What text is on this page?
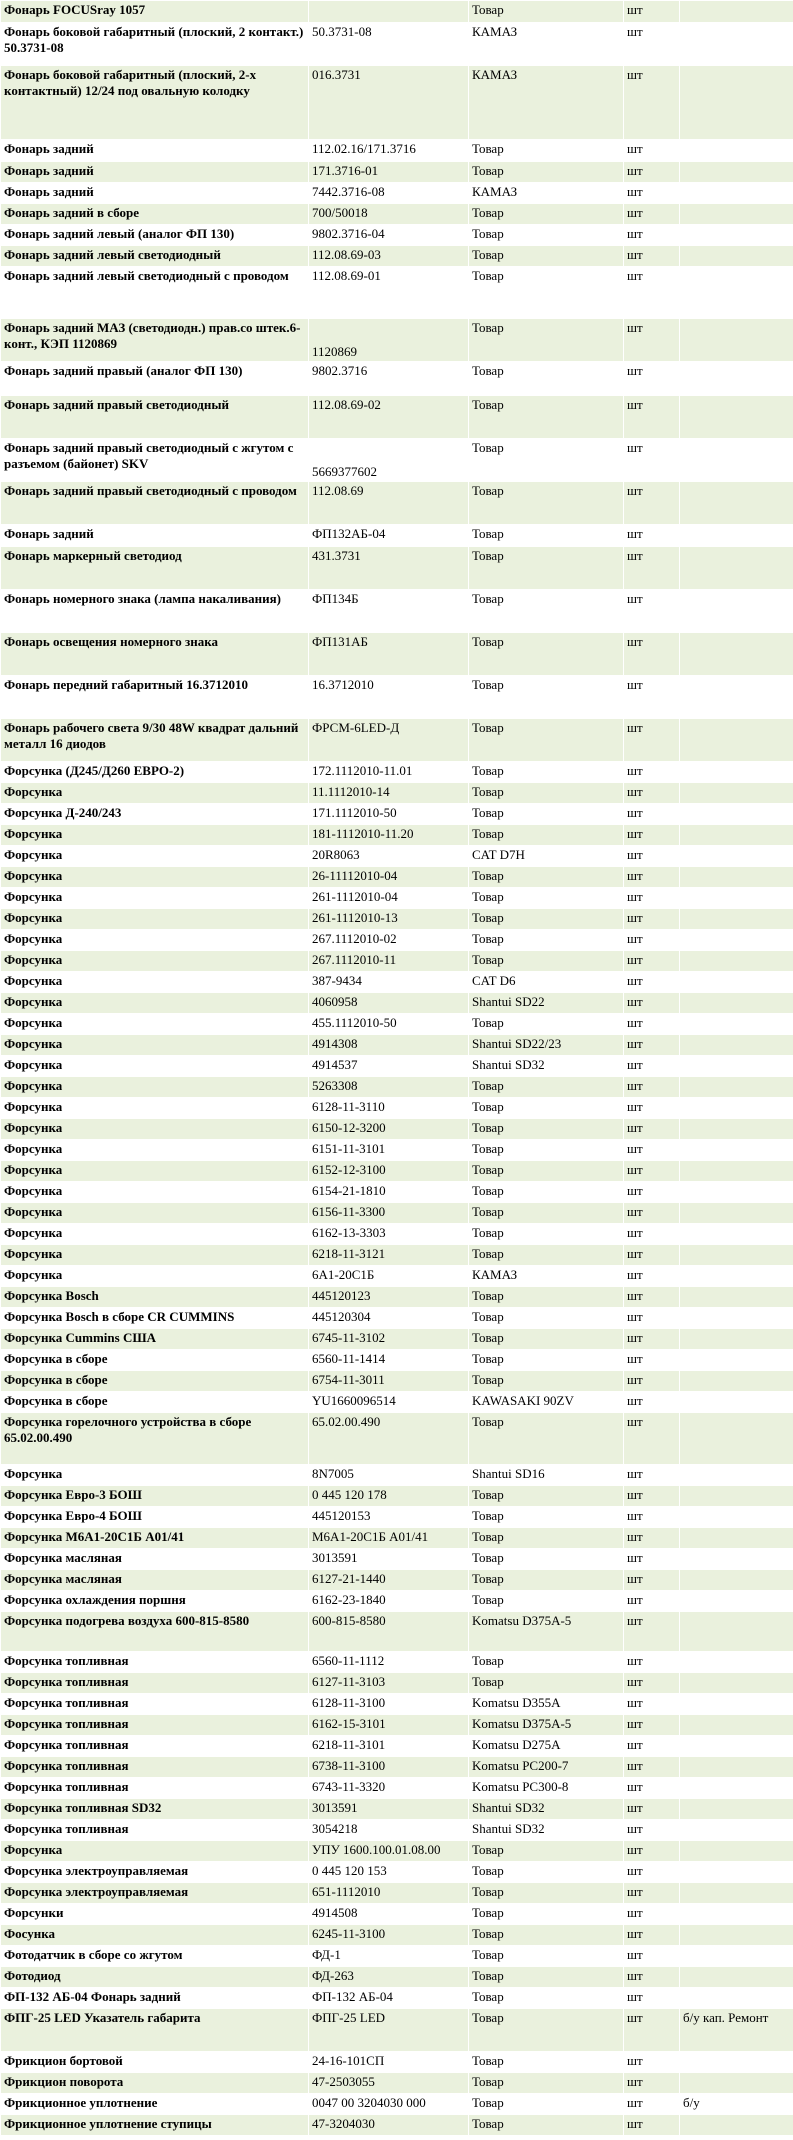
Фонарь FOCUSray 1057		Товар	шт	
Фонарь боковой габаритный (плоский, 2 контакт.) 50.3731-08	50.3731-08	КАМАЗ	шт	
Фонарь боковой габаритный (плоский, 2-х контактный) 12/24 под овальную колодку	016.3731	КАМАЗ	шт	
Фонарь задний	112.02.16/171.3716	Товар	шт	
Фонарь задний	171.3716-01	Товар	шт	
Фонарь задний	7442.3716-08	КАМАЗ	шт	
Фонарь задний в сборе	700/50018	Товар	шт	
Фонарь задний левый (аналог ФП 130)	9802.3716-04	Товар	шт	
Фонарь задний левый светодиодный	112.08.69-03	Товар	шт	
Фонарь задний левый светодиодный с проводом	112.08.69-01	Товар	шт	
Фонарь задний МАЗ (светодиодн.) прав.со штек.6-конт., КЭП 1120869	1120869	Товар	шт	
Фонарь задний правый (аналог ФП 130)	9802.3716	Товар	шт	
Фонарь задний правый светодиодный	112.08.69-02	Товар	шт	
Фонарь задний правый светодиодный с жгутом с разъемом (байонет) SKV	5669377602	Товар	шт	
Фонарь задний правый светодиодный с проводом	112.08.69	Товар	шт	
Фонарь задний	ФП132АБ-04	Товар	шт	
Фонарь маркерный светодиод	431.3731	Товар	шт	
Фонарь номерного знака (лампа накаливания)	ФП134Б	Товар	шт	
Фонарь освещения номерного знака	ФП131АБ	Товар	шт	
Фонарь передний габаритный 16.3712010	16.3712010	Товар	шт	
Фонарь рабочего света 9/30 48W квадрат дальний металл 16 диодов	ФРСМ-6LED-Д	Товар	шт	
Форсунка (Д245/Д260 ЕВРО-2)	172.1112010-11.01	Товар	шт	
Форсунка	11.1112010-14	Товар	шт	
Форсунка Д-240/243	171.1112010-50	Товар	шт	
Форсунка	181-1112010-11.20	Товар	шт	
Форсунка	20R8063	CAT D7H	шт	
Форсунка	26-11112010-04	Товар	шт	
Форсунка	261-1112010-04	Товар	шт	
Форсунка	261-1112010-13	Товар	шт	
Форсунка	267.1112010-02	Товар	шт	
Форсунка	267.1112010-11	Товар	шт	
Форсунка	387-9434	CAT D6	шт	
Форсунка	4060958	Shantui SD22	шт	
Форсунка	455.1112010-50	Товар	шт	
Форсунка	4914308	Shantui SD22/23	шт	
Форсунка	4914537	Shantui SD32	шт	
Форсунка	5263308	Товар	шт	
Форсунка	6128-11-3110	Товар	шт	
Форсунка	6150-12-3200	Товар	шт	
Форсунка	6151-11-3101	Товар	шт	
Форсунка	6152-12-3100	Товар	шт	
Форсунка	6154-21-1810	Товар	шт	
Форсунка	6156-11-3300	Товар	шт	
Форсунка	6162-13-3303	Товар	шт	
Форсунка	6218-11-3121	Товар	шт	
Форсунка	6А1-20С1Б	КАМАЗ	шт	
Форсунка Bosch	445120123	Товар	шт	
Форсунка Bosch в сборе CR CUMMINS	445120304	Товар	шт	
Форсунка Cummins США	6745-11-3102	Товар	шт	
Форсунка в сборе	6560-11-1414	Товар	шт	
Форсунка в сборе	6754-11-3011	Товар	шт	
Форсунка в сборе	YU1660096514	KAWASAKI 90ZV	шт	
Форсунка горелочного устройства в сборе 65.02.00.490	65.02.00.490	Товар	шт	
Форсунка	8N7005	Shantui SD16	шт	
Форсунка Евро-3 БОШ	0 445 120 178	Товар	шт	
Форсунка Евро-4 БОШ	445120153	Товар	шт	
Форсунка М6А1-20С1Б А01/41	М6А1-20С1Б А01/41	Товар	шт	
Форсунка масляная	3013591	Товар	шт	
Форсунка масляная	6127-21-1440	Товар	шт	
Форсунка охлаждения поршня	6162-23-1840	Товар	шт	
Форсунка подогрева воздуха 600-815-8580	600-815-8580	Komatsu D375A-5	шт	
Форсунка топливная	6560-11-1112	Товар	шт	
Форсунка топливная	6127-11-3103	Товар	шт	
Форсунка топливная	6128-11-3100	Komatsu D355A	шт	
Форсунка топливная	6162-15-3101	Komatsu D375A-5	шт	
Форсунка топливная	6218-11-3101	Komatsu D275A	шт	
Форсунка топливная	6738-11-3100	Komatsu PC200-7	шт	
Форсунка топливная	6743-11-3320	Komatsu PC300-8	шт	
Форсунка топливная SD32	3013591	Shantui SD32	шт	
Форсунка топливная	3054218	Shantui SD32	шт	
Форсунка	УПУ 1600.100.01.08.00	Товар	шт	
Форсунка электроуправляемая	0 445 120 153	Товар	шт	
Форсунка электроуправляемая	651-1112010	Товар	шт	
Форсунки	4914508	Товар	шт	
Фосунка	6245-11-3100	Товар	шт	
Фотодатчик в сборе со жгутом	ФД-1	Товар	шт	
Фотодиод	ФД-263	Товар	шт	
ФП-132 АБ-04 Фонарь задний	ФП-132 АБ-04	Товар	шт	
ФПГ-25 LED Указатель габарита	ФПГ-25 LED	Товар	шт	б/у кап. Ремонт
Фрикцион бортовой	24-16-101СП	Товар	шт	
Фрикцион поворота	47-2503055	Товар	шт	
Фрикционное уплотнение	0047 00 3204030 000	Товар	шт	б/у
Фрикционное уплотнение ступицы	47-3204030	Товар	шт	
